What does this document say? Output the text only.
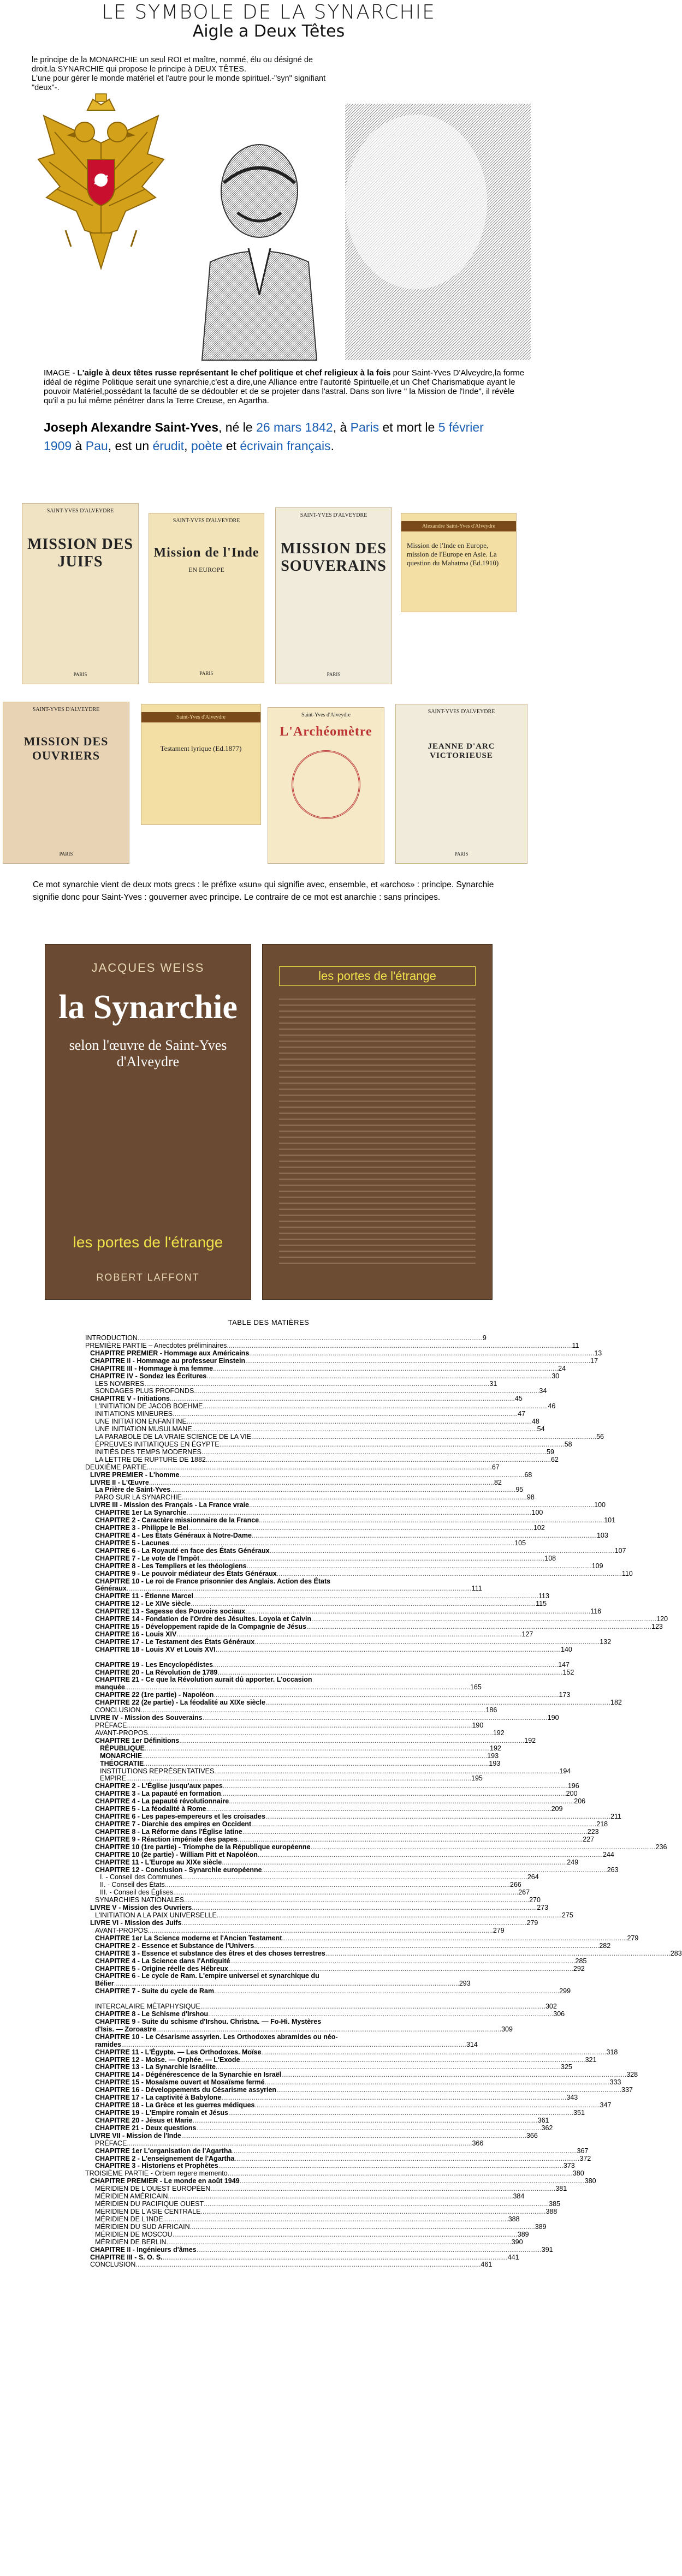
LE SYMBOLE DE LA SYNARCHIE
Aigle a Deux Têtes

le principe de la MONARCHIE un seul ROI et maître, nommé, élu ou désigné de

droit.la SYNARCHIE qui propose le principe à DEUX TÊTES.

L'une pour gérer le monde matériel et l'autre pour le monde spirituel.-"syn" signifiant "deux"-.

IMAGE - L'aigle à deux têtes russe représentant le chef politique et chef religieux à la fois pour Saint-Yves D'Alveydre,la forme idéal de régime Politique serait une synarchie,c'est a dire,une Alliance entre l'autorité Spirituelle,et un Chef Charismatique ayant le pouvoir Matériel,possédant la faculté de se dédoubler et de se projeter dans l'astral. Dans son livre " la Mission de l'Inde", il révèle qu'il a pu lui même pénétrer dans la Terre Creuse, en Agartha.
Joseph Alexandre Saint-Yves, né le 26 mars 1842, à Paris et mort le 5 février 1909 à Pau, est un érudit, poète et écrivain français.
SAINT-YVES D'ALVEYDRE
MISSION DES JUIFS
PARIS
SAINT-YVES D'ALVEYDRE
Mission de l'Inde
EN EUROPE
PARIS
SAINT-YVES D'ALVEYDRE
MISSION DES SOUVERAINS
PARIS
Alexandre Saint-Yves d'Alveydre
Mission de l'Inde en Europe, mission de l'Europe en Asie. La question du Mahatma (Ed.1910)
SAINT-YVES D'ALVEYDRE
MISSION DES OUVRIERS
PARIS
Saint-Yves d'Alveydre
Testament lyrique (Ed.1877)
Saint-Yves d'Alveydre
L'Archéomètre
SAINT-YVES D'ALVEYDRE
JEANNE D'ARC VICTORIEUSE
PARIS
Ce mot synarchie vient de deux mots grecs : le préfixe «sun» qui signifie avec, ensemble, et «archos» : principe. Synarchie signifie donc pour Saint-Yves : gouverner avec principe. Le contraire de ce mot est anarchie : sans principes.
JACQUES WEISS
la Synarchie
selon l'œuvre de Saint-Yves d'Alveydre
les portes de l'étrange
ROBERT LAFFONT
les portes de l'étrange
TABLE DES MATIÈRES
INTRODUCTION .....	9
PREMIÈRE PARTIE – Anecdotes préliminaires .....	11
CHAPITRE PREMIER - Hommage aux Américains .....	13
CHAPITRE II - Hommage au professeur Einstein .....	17
CHAPITRE III - Hommage à ma femme .....	24
CHAPITRE IV - Sondez les Écritures .....	30
LES NOMBRES .....	31
SONDAGES PLUS PROFONDS .....	34
CHAPITRE V - Initiations .....	45
L'INITIATION DE JACOB BOEHME .....	46
INITIATIONS MINEURES .....	47
UNE INITIATION ENFANTINE .....	48
UNE INITIATION MUSULMANE .....	54
LA PARABOLE DE LA VRAIE SCIENCE DE LA VIE .....	56
ÉPREUVES INITIATIQUES EN ÉGYPTE .....	58
INITIÉS DES TEMPS MODERNES .....	59
LA LETTRE DE RUPTURE DE 1882 .....	62
DEUXIÈME PARTIE .....	67
LIVRE PREMIER - L'homme .....	68
LIVRE II - L'Œuvre .....	82
La Prière de Saint-Yves .....	95
PARO SUR LA SYNARCHIE .....	98
LIVRE III - Mission des Français - La France vraie .....	100
CHAPITRE 1er La Synarchie .....	100
CHAPITRE 2 - Caractère missionnaire de la France .....	101
CHAPITRE 3 - Philippe le Bel .....	102
CHAPITRE 4 - Les États Généraux à Notre-Dame .....	103
CHAPITRE 5 - Lacunes .....	105
CHAPITRE 6 - La Royauté en face des États Généraux .....	107
CHAPITRE 7 - Le vote de l'Impôt .....	108
CHAPITRE 8 - Les Templiers et les théologiens .....	109
CHAPITRE 9 - Le pouvoir médiateur des États Généraux .....	110
CHAPITRE 10 - Le roi de France prisonnier des Anglais. Action des États
Généraux .....	111
CHAPITRE 11 - Étienne Marcel .....	113
CHAPITRE 12 - Le XIVe siècle .....	115
CHAPITRE 13 - Sagesse des Pouvoirs sociaux .....	116
CHAPITRE 14 - Fondation de l'Ordre des Jésuites. Loyola et Calvin .....	120
CHAPITRE 15 - Développement rapide de la Compagnie de Jésus .....	123
CHAPITRE 16 - Louis XIV .....	127
CHAPITRE 17 - Le Testament des États Généraux .....	132
CHAPITRE 18 - Louis XV et Louis XVI .....	140
CHAPITRE 19 - Les Encyclopédistes .....	147
CHAPITRE 20 - La Révolution de 1789 .....	152
CHAPITRE 21 - Ce que la Révolution aurait dû apporter. L'occasion
manquée .....	165
CHAPITRE 22 (1re partie) - Napoléon .....	173
CHAPITRE 22 (2e partie) - La féodalité au XIXe siècle .....	182
CONCLUSION .....	186
LIVRE IV - Mission des Souverains .....	190
PRÉFACE .....	190
AVANT-PROPOS .....	192
CHAPITRE 1er Définitions .....	192
RÉPUBLIQUE .....	192
MONARCHIE .....	193
THÉOCRATIE .....	193
INSTITUTIONS REPRÉSENTATIVES .....	194
EMPIRE .....	195
CHAPITRE 2 - L'Église jusqu'aux papes .....	196
CHAPITRE 3 - La papauté en formation .....	200
CHAPITRE 4 - La papauté révolutionnaire .....	206
CHAPITRE 5 - La féodalité à Rome .....	209
CHAPITRE 6 - Les papes-empereurs et les croisades .....	211
CHAPITRE 7 - Diarchie des empires en Occident .....	218
CHAPITRE 8 - La Réforme dans l'Église latine .....	223
CHAPITRE 9 - Réaction impériale des papes .....	227
CHAPITRE 10 (1re partie) - Triomphe de la République européenne .....	236
CHAPITRE 10 (2e partie) - William Pitt et Napoléon .....	244
CHAPITRE 11 - L'Europe au XIXe siècle .....	249
CHAPITRE 12 - Conclusion - Synarchie européenne .....	263
I. - Conseil des Communes .....	264
II. - Conseil des États .....	266
III. - Conseil des Églises .....	267
SYNARCHIES NATIONALES .....	270
LIVRE V - Mission des Ouvriers .....	273
L'INITIATION A LA PAIX UNIVERSELLE .....	275
LIVRE VI - Mission des Juifs .....	279
AVANT-PROPOS .....	279
CHAPITRE 1er La Science moderne et l'Ancien Testament .....	279
CHAPITRE 2 - Essence et Substance de l'Univers .....	282
CHAPITRE 3 - Essence et substance des êtres et des choses terrestres .....	283
CHAPITRE 4 - La Science dans l'Antiquité .....	285
CHAPITRE 5 - Origine réelle des Hébreux .....	292
CHAPITRE 6 - Le cycle de Ram. L'empire universel et synarchique du
Bélier .....	293
CHAPITRE 7 - Suite du cycle de Ram .....	299
INTERCALAIRE MÉTAPHYSIQUE .....	302
CHAPITRE 8 - Le Schisme d'Irshou .....	306
CHAPITRE 9 - Suite du schisme d'Irshou. Christna. — Fo-Hi. Mystères
d'Isis. — Zoroastre .....	309
CHAPITRE 10 - Le Césarisme assyrien. Les Orthodoxes abramides ou néo-
ramides .....	314
CHAPITRE 11 - L'Égypte. — Les Orthodoxes. Moïse .....	318
CHAPITRE 12 - Moïse. — Orphée. — L'Exode .....	321
CHAPITRE 13 - La Synarchie Israélite .....	325
CHAPITRE 14 - Dégénérescence de la Synarchie en Israël .....	328
CHAPITRE 15 - Mosaïsme ouvert et Mosaïsme fermé .....	333
CHAPITRE 16 - Développements du Césarisme assyrien .....	337
CHAPITRE 17 - La captivité à Babylone .....	343
CHAPITRE 18 - La Grèce et les guerres médiques .....	347
CHAPITRE 19 - L'Empire romain et Jésus .....	351
CHAPITRE 20 - Jésus et Marie .....	361
CHAPITRE 21 - Deux questions .....	362
LIVRE VII - Mission de l'Inde .....	366
PRÉFACE .....	366
CHAPITRE 1er L'organisation de l'Agartha .....	367
CHAPITRE 2 - L'enseignement de l'Agartha .....	372
CHAPITRE 3 - Historiens et Prophètes .....	373
TROISIÈME PARTIE - Orbem regere memento .....	380
CHAPITRE PREMIER - Le monde en août 1949 .....	380
MÉRIDIEN DE L'OUEST EUROPÉEN .....	381
MÉRIDIEN AMÉRICAIN .....	384
MÉRIDIEN DU PACIFIQUE OUEST .....	385
MÉRIDIEN DE L'ASIE CENTRALE .....	388
MÉRIDIEN DE L'INDE .....	388
MÉRIDIEN DU SUD AFRICAIN .....	389
MÉRIDIEN DE MOSCOU .....	389
MÉRIDIEN DE BERLIN .....	390
CHAPITRE II - Ingénieurs d'âmes .....	391
CHAPITRE III - S. O. S. .....	441
CONCLUSION .....	461
